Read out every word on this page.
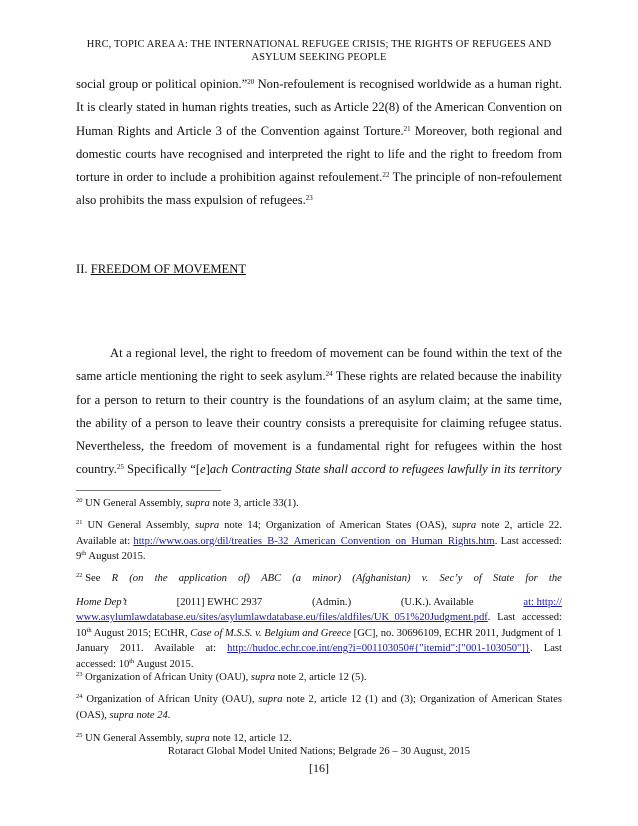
HRC, TOPIC AREA A: THE INTERNATIONAL REFUGEE CRISIS; THE RIGHTS OF REFUGEES AND
ASYLUM SEEKING PEOPLE

social group or political opinion.”$^{20}$ Non-refoulement is recognised worldwide as a human right. It is clearly stated in human rights treaties, such as Article 22(8) of the American Convention on Human Rights and Article 3 of the Convention against Torture.$^{21}$ Moreover, both regional and domestic courts have recognised and interpreted the right to life and the right to freedom from torture in order to include a prohibition against refoulement.$^{22}$ The principle of non-refoulement also prohibits the mass expulsion of refugees.$^{23}$

II. FREEDOM OF MOVEMENT

At a regional level, the right to freedom of movement can be found within the text of the same article mentioning the right to seek asylum.$^{24}$ These rights are related because the inability for a person to return to their country is the foundations of an asylum claim; at the same time, the ability of a person to leave their country consists a prerequisite for claiming refugee status. Nevertheless, the freedom of movement is a fundamental right for refugees within the host country.$^{25}$ Specifically “[e]ach Contracting State shall accord to refugees lawfully in its territory

$^{20}$ UN General Assembly, supra note 3, article 33(1).
$^{21}$ UN General Assembly, supra note 14; Organization of American States (OAS), supra note 2, article 22. Available at: http://www.oas.org/dil/treaties_B-32_American_Convention_on_Human_Rights.htm. Last accessed: 9th August 2015.
$^{22}$ See R (on the application of) ABC (a minor) (Afghanistan) v. Sec’y of State for the
Home Dep’t	[2011] EWHC 2937	(Admin.)	(U.K.). Available	at: http://
www.asylumlawdatabase.eu/sites/asylumlawdatabase.eu/files/aldfiles/UK_051%20Judgment.pdf. Last accessed: 10th August 2015; ECtHR, Case of M.S.S. v. Belgium and Greece [GC], no. 30696109, ECHR 2011, Judgment of 1 January 2011. Available at: http://hudoc.echr.coe.int/eng?i=001103050#{"itemid":["001-103050"]}. Last accessed: 10th August 2015.
$^{23}$ Organization of African Unity (OAU), supra note 2, article 12 (5).
$^{24}$ Organization of African Unity (OAU), supra note 2, article 12 (1) and (3); Organization of American States (OAS), supra note 24.
$^{25}$ UN General Assembly, supra note 12, article 12.
Rotaract Global Model United Nations; Belgrade 26 – 30 August, 2015
[16]
